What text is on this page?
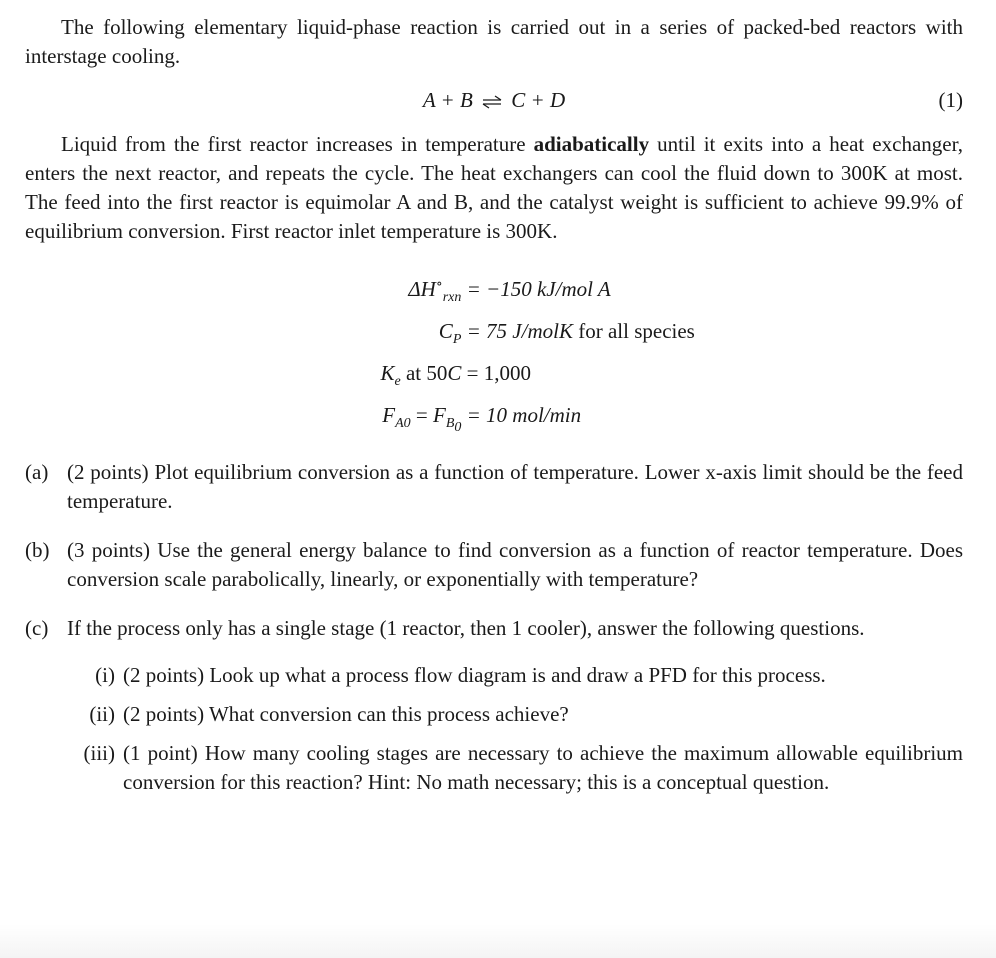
The following elementary liquid-phase reaction is carried out in a series of packed-bed reactors with interstage cooling.

A + B ⇌ C + D	(1)

Liquid from the first reactor increases in temperature adiabatically until it exits into a heat exchanger, enters the next reactor, and repeats the cycle. The heat exchangers can cool the fluid down to 300K at most. The feed into the first reactor is equimolar A and B, and the catalyst weight is sufficient to achieve 99.9% of equilibrium conversion. First reactor inlet temperature is 300K.

$\Delta H^\circ_{rxn} = -150$ kJ/mol A
$C_P = 75$ J/molK for all species
$K_e$ at 50C = 1,000
$F_{A0} = F_{B_0} = 10$ mol/min
(a) (2 points) Plot equilibrium conversion as a function of temperature. Lower x-axis limit should be the feed temperature.
(b) (3 points) Use the general energy balance to find conversion as a function of reactor temperature. Does conversion scale parabolically, linearly, or exponentially with temperature?
(c) If the process only has a single stage (1 reactor, then 1 cooler), answer the following questions.
(i) (2 points) Look up what a process flow diagram is and draw a PFD for this process.
(ii) (2 points) What conversion can this process achieve?
(iii) (1 point) How many cooling stages are necessary to achieve the maximum allowable equilibrium conversion for this reaction? Hint: No math necessary; this is a conceptual question.
